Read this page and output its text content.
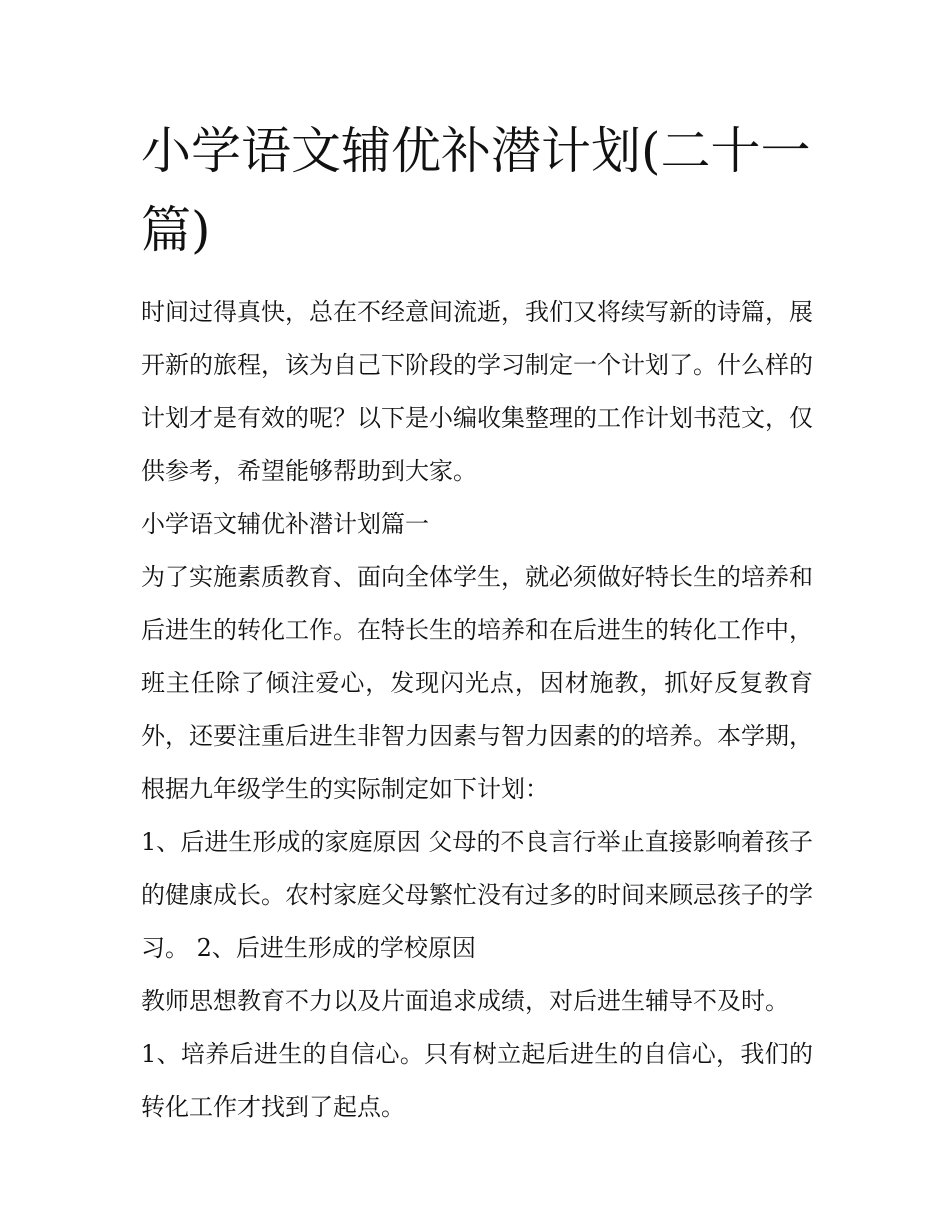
小学语文辅优补潜计划(二十一篇)

时间过得真快，总在不经意间流逝，我们又将续写新的诗篇，展开新的旅程，该为自己下阶段的学习制定一个计划了。什么样的计划才是有效的呢？以下是小编收集整理的工作计划书范文，仅供参考，希望能够帮助到大家。

小学语文辅优补潜计划篇一

为了实施素质教育、面向全体学生，就必须做好特长生的培养和后进生的转化工作。在特长生的培养和在后进生的转化工作中，班主任除了倾注爱心，发现闪光点，因材施教，抓好反复教育外，还要注重后进生非智力因素与智力因素的的培养。本学期，根据九年级学生的实际制定如下计划：

1、后进生形成的家庭原因 父母的不良言行举止直接影响着孩子的健康成长。农村家庭父母繁忙没有过多的时间来顾忌孩子的学习。 2、后进生形成的学校原因

教师思想教育不力以及片面追求成绩，对后进生辅导不及时。

1、培养后进生的自信心。只有树立起后进生的自信心，我们的转化工作才找到了起点。
